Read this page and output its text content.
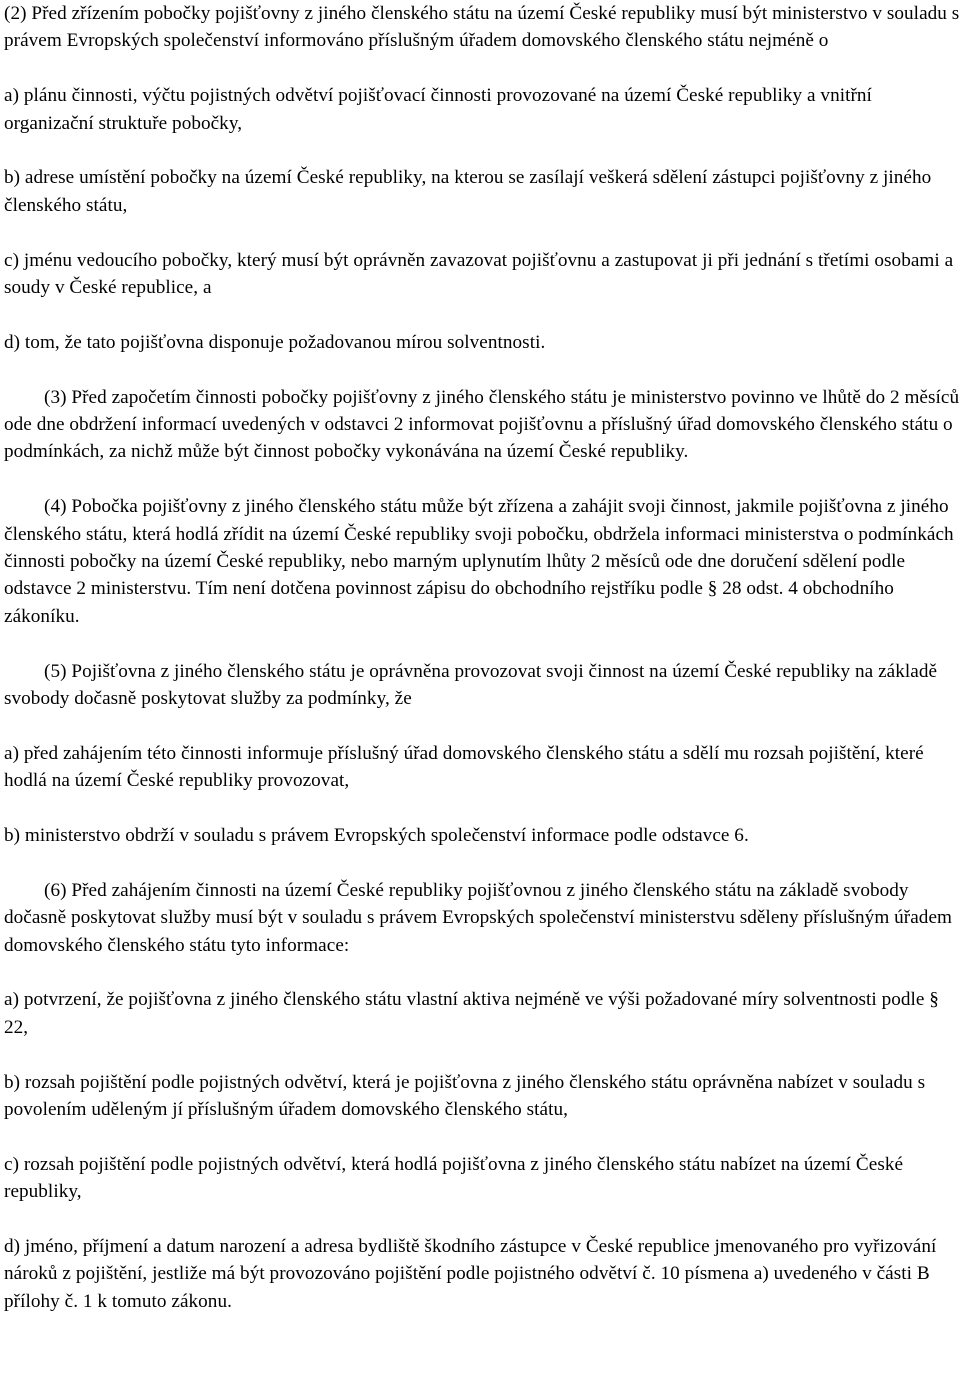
(2) Před zřízením pobočky pojišťovny z jiného členského státu na území České republiky musí být ministerstvo v souladu s právem Evropských společenství informováno příslušným úřadem domovského členského státu nejméně o

a) plánu činnosti, výčtu pojistných odvětví pojišťovací činnosti provozované na území České republiky a vnitřní organizační struktuře pobočky,

b) adrese umístění pobočky na území České republiky, na kterou se zasílají veškerá sdělení zástupci pojišťovny z jiného členského státu,

c) jménu vedoucího pobočky, který musí být oprávněn zavazovat pojišťovnu a zastupovat ji při jednání s třetími osobami a soudy v České republice, a

d) tom, že tato pojišťovna disponuje požadovanou mírou solventnosti.

(3) Před započetím činnosti pobočky pojišťovny z jiného členského státu je ministerstvo povinno ve lhůtě do 2 měsíců ode dne obdržení informací uvedených v odstavci 2 informovat pojišťovnu a příslušný úřad domovského členského státu o podmínkách, za nichž může být činnost pobočky vykonávána na území České republiky.

(4) Pobočka pojišťovny z jiného členského státu může být zřízena a zahájit svoji činnost, jakmile pojišťovna z jiného členského státu, která hodlá zřídit na území České republiky svoji pobočku, obdržela informaci ministerstva o podmínkách činnosti pobočky na území České republiky, nebo marným uplynutím lhůty 2 měsíců ode dne doručení sdělení podle odstavce 2 ministerstvu. Tím není dotčena povinnost zápisu do obchodního rejstříku podle § 28 odst. 4 obchodního zákoníku.

(5) Pojišťovna z jiného členského státu je oprávněna provozovat svoji činnost na území České republiky na základě svobody dočasně poskytovat služby za podmínky, že

a) před zahájením této činnosti informuje příslušný úřad domovského členského státu a sdělí mu rozsah pojištění, které hodlá na území České republiky provozovat,

b) ministerstvo obdrží v souladu s právem Evropských společenství informace podle odstavce 6.

(6) Před zahájením činnosti na území České republiky pojišťovnou z jiného členského státu na základě svobody dočasně poskytovat služby musí být v souladu s právem Evropských společenství ministerstvu sděleny příslušným úřadem domovského členského státu tyto informace:

a) potvrzení, že pojišťovna z jiného členského státu vlastní aktiva nejméně ve výši požadované míry solventnosti podle § 22,

b) rozsah pojištění podle pojistných odvětví, která je pojišťovna z jiného členského státu oprávněna nabízet v souladu s povolením uděleným jí příslušným úřadem domovského členského státu,

c) rozsah pojištění podle pojistných odvětví, která hodlá pojišťovna z jiného členského státu nabízet na území České republiky,

d) jméno, příjmení a datum narození a adresa bydliště škodního zástupce v České republice jmenovaného pro vyřizování nároků z pojištění, jestliže má být provozováno pojištění podle pojistného odvětví č. 10 písmena a) uvedeného v části B přílohy č. 1 k tomuto zákonu.
